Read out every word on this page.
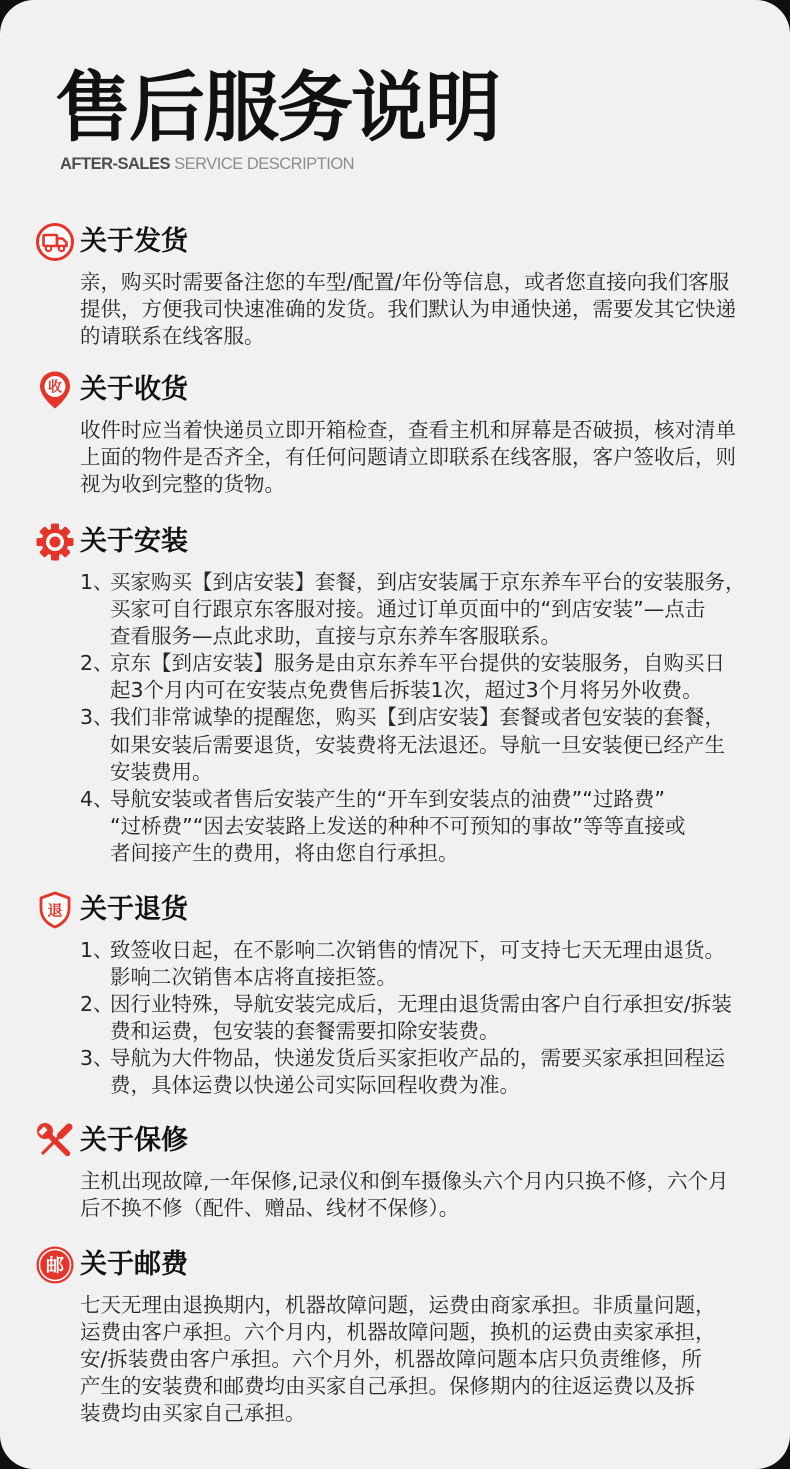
售后服务说明
AFTER-SALES SERVICE DESCRIPTION
关于发货

亲，购买时需要备注您的车型/配置/年份等信息，或者您直接向我们客服

提供，方便我司快速准确的发货。我们默认为申通快递，需要发其它快递

的请联系在线客服。

收 关于收货

收件时应当着快递员立即开箱检查，查看主机和屏幕是否破损，核对清单

上面的物件是否齐全，有任何问题请立即联系在线客服，客户签收后，则

视为收到完整的货物。

关于安装
1、

买家购买【到店安装】套餐，到店安装属于京东养车平台的安装服务，

买家可自行跟京东客服对接。通过订单页面中的“到店安装”—点击

查看服务—点此求助，直接与京东养车客服联系。

2、

京东【到店安装】服务是由京东养车平台提供的安装服务，自购买日

起3个月内可在安装点免费售后拆装1次，超过3个月将另外收费。

3、

我们非常诚挚的提醒您，购买【到店安装】套餐或者包安装的套餐，

如果安装后需要退货，安装费将无法退还。导航一旦安装便已经产生

安装费用。

4、

导航安装或者售后安装产生的“开车到安装点的油费”“过路费”

“过桥费”“因去安装路上发送的种种不可预知的事故”等等直接或

者间接产生的费用，将由您自行承担。

退 关于退货
1、

致签收日起，在不影响二次销售的情况下，可支持七天无理由退货。

影响二次销售本店将直接拒签。

2、

因行业特殊，导航安装完成后，无理由退货需由客户自行承担安/拆装

费和运费，包安装的套餐需要扣除安装费。

3、

导航为大件物品，快递发货后买家拒收产品的，需要买家承担回程运

费，具体运费以快递公司实际回程收费为准。

关于保修

主机出现故障,一年保修,记录仪和倒车摄像头六个月内只换不修，六个月

后不换不修（配件、赠品、线材不保修）。

邮 关于邮费

七天无理由退换期内，机器故障问题，运费由商家承担。非质量问题，

运费由客户承担。六个月内，机器故障问题，换机的运费由卖家承担，

安/拆装费由客户承担。六个月外，机器故障问题本店只负责维修，所

产生的安装费和邮费均由买家自己承担。保修期内的往返运费以及拆

装费均由买家自己承担。
